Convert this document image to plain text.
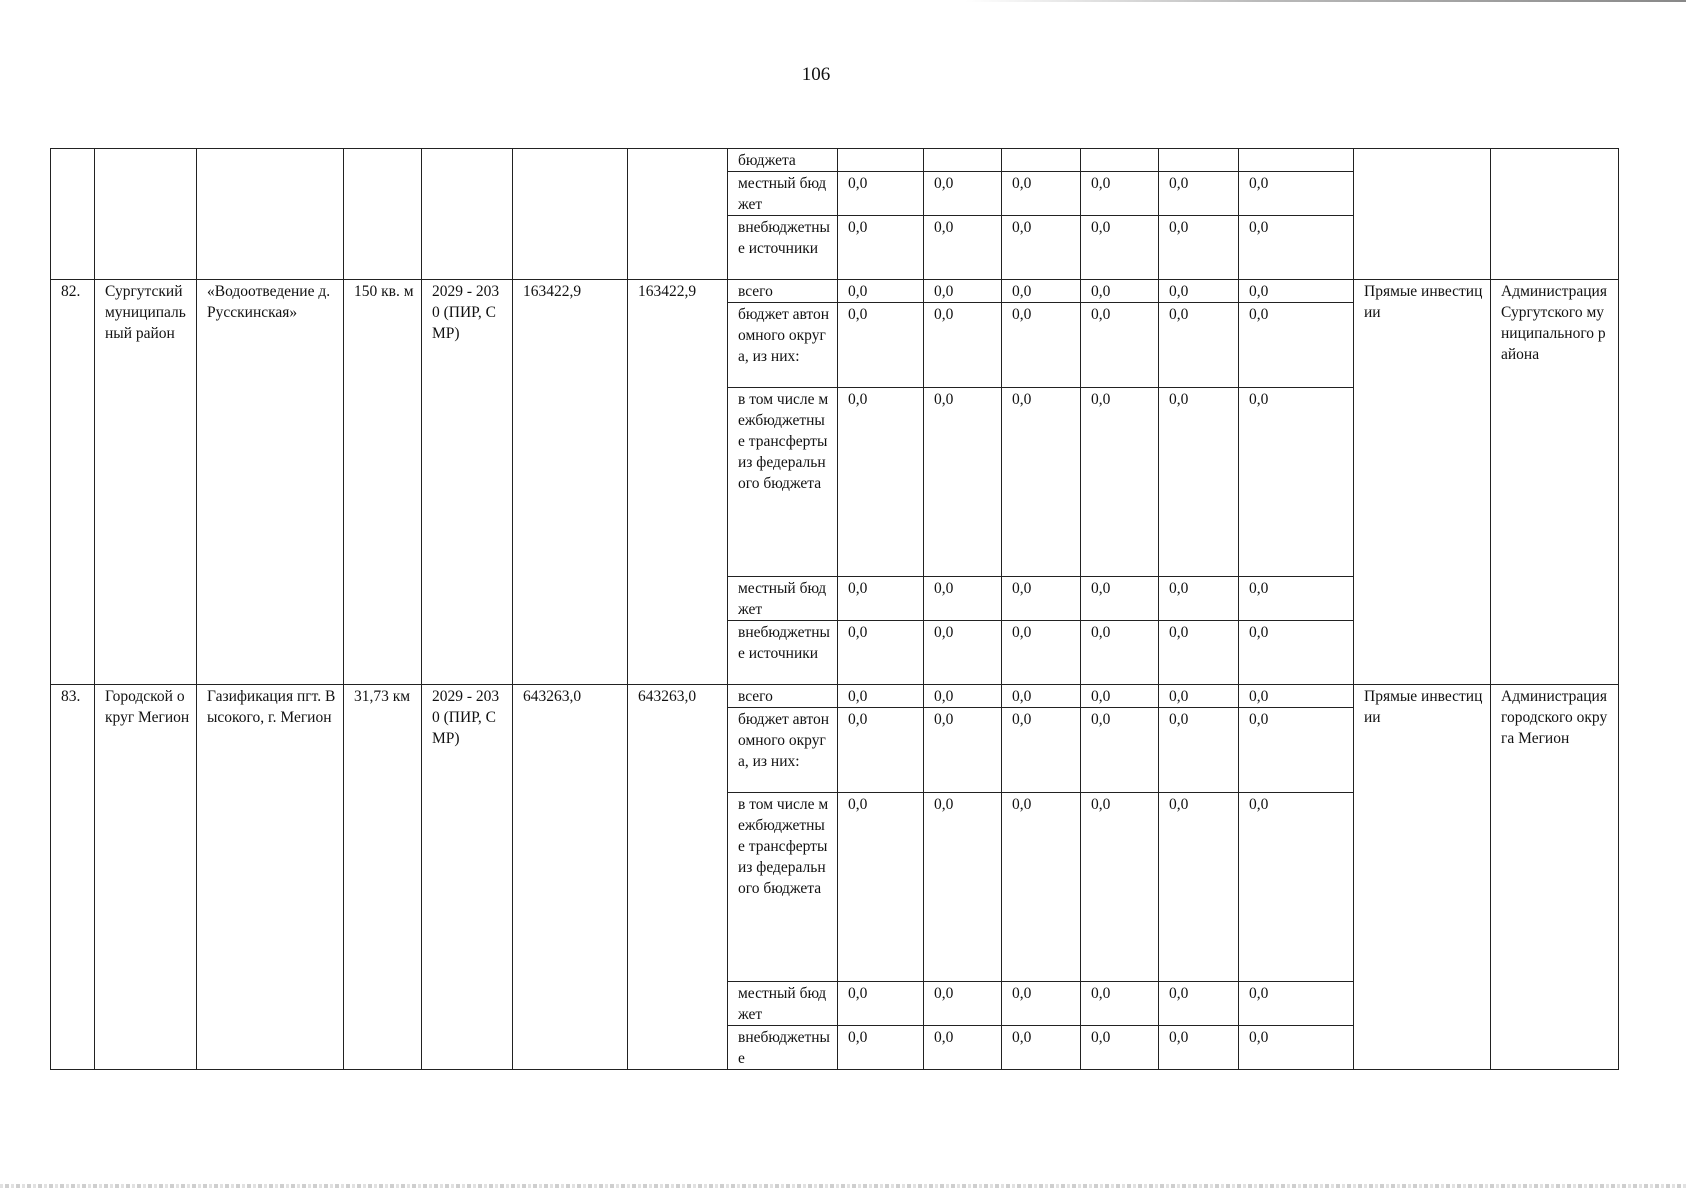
106
							бюджета								
							местный бюджет	0,0	0,0	0,0	0,0	0,0	0,0		
							внебюджетные источники	0,0	0,0	0,0	0,0	0,0	0,0		
82.	Сургутский муниципальный район	«Водоотведение д. Русскинская»	150 кв. м	2029 - 2030 (ПИР, СМР)	163422,9	163422,9	всего	0,0	0,0	0,0	0,0	0,0	0,0	Прямые инвестиции	Администрация Сургутского муниципального района
							бюджет автономного округа, из них:	0,0	0,0	0,0	0,0	0,0	0,0		
							в том числе межбюджетные трансферты из федерального бюджета	0,0	0,0	0,0	0,0	0,0	0,0		
							местный бюджет	0,0	0,0	0,0	0,0	0,0	0,0		
							внебюджетные источники	0,0	0,0	0,0	0,0	0,0	0,0		
83.	Городской округ Мегион	Газификация пгт. Высокого, г. Мегион	31,73 км	2029 - 2030 (ПИР, СМР)	643263,0	643263,0	всего	0,0	0,0	0,0	0,0	0,0	0,0	Прямые инвестиции	Администрация городского округа Мегион
							бюджет автономного округа, из них:	0,0	0,0	0,0	0,0	0,0	0,0		
							в том числе межбюджетные трансферты из федерального бюджета	0,0	0,0	0,0	0,0	0,0	0,0		
							местный бюджет	0,0	0,0	0,0	0,0	0,0	0,0		
							внебюджетные	0,0	0,0	0,0	0,0	0,0	0,0		
